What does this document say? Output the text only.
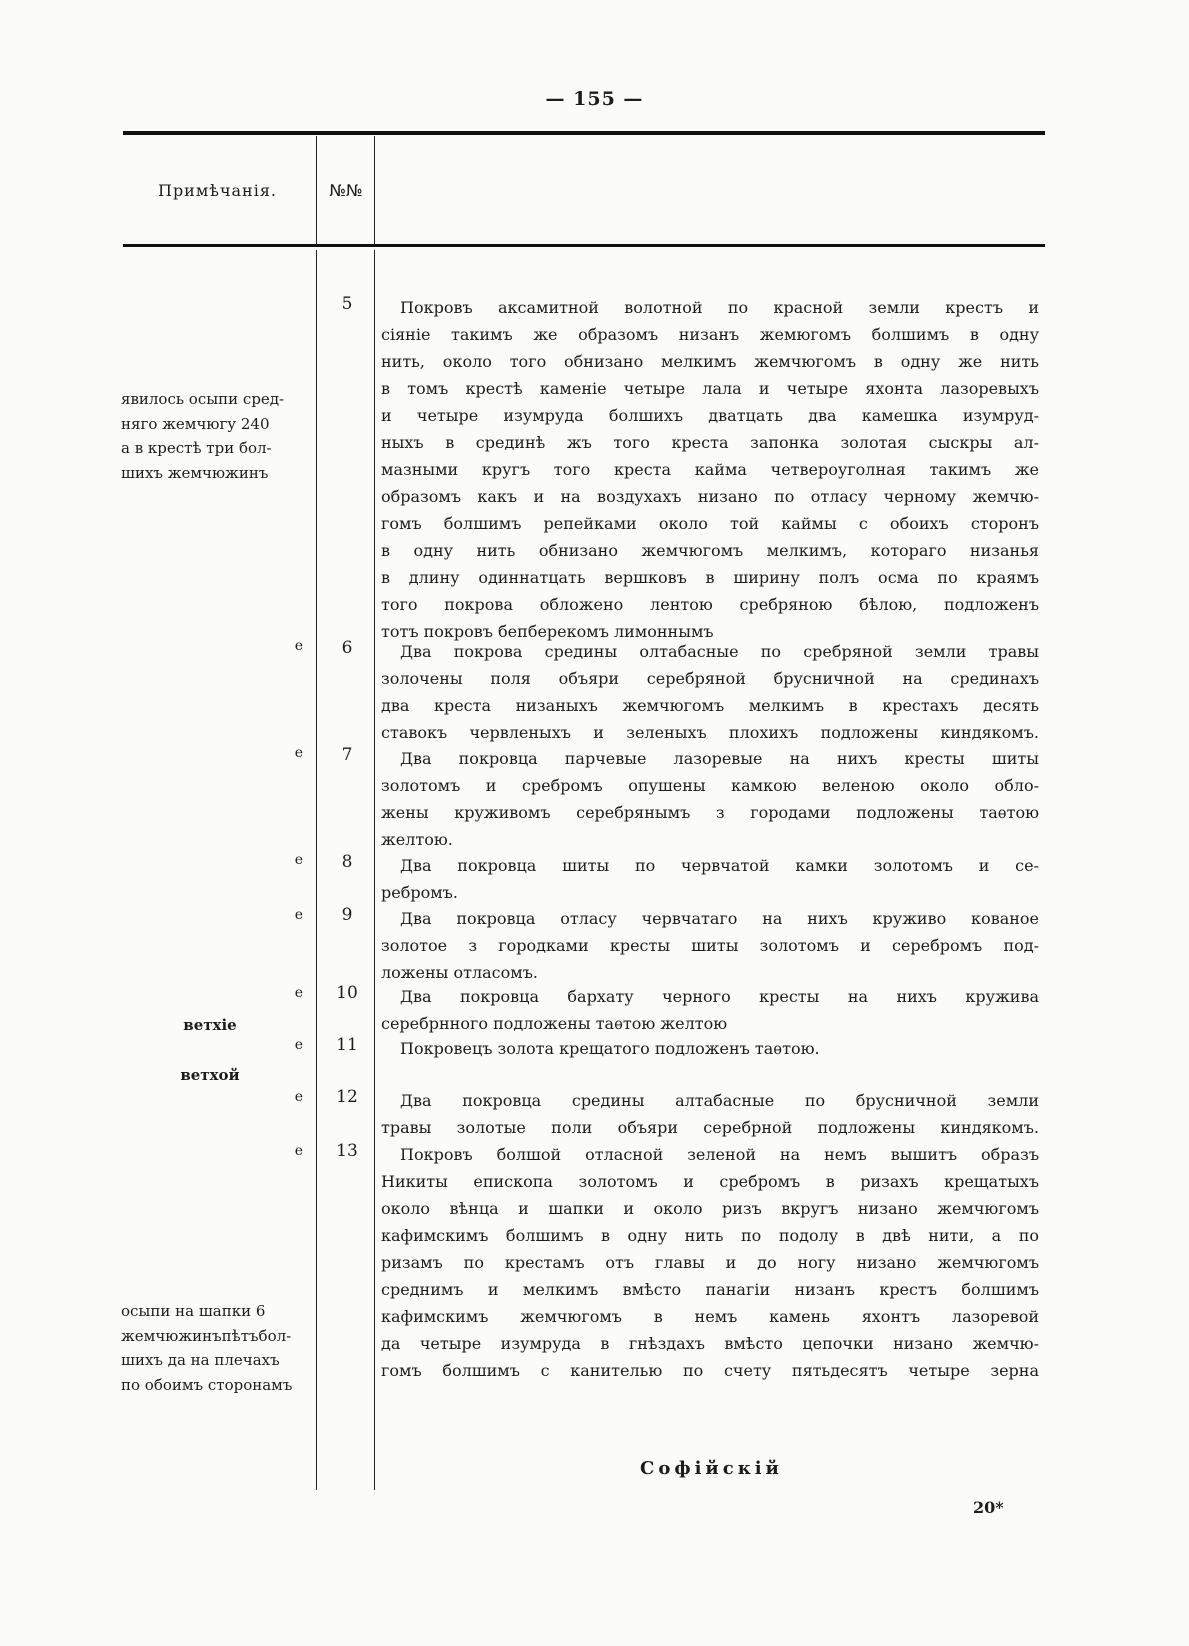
— 155 —
Примѣчанія.	№№
явилось осыпи сред-
няго жемчюгу 240
а в крестѣ три бол-
шихъ жемчюжинъ
е
е
е
е
е
е
е
е
ветхіе
ветхой
осыпи на шапки 6
жемчюжинъпѣтъбол-
шихъ да на плечахъ
по обоимъ сторонамъ
5
6
7
8
9
10
11
12
13
Покровъ аксамитной волотной по красной земли крестъ и
сіяніе такимъ же образомъ низанъ жемюгомъ болшимъ в одну
нить, около того обнизано мелкимъ жемчюгомъ в одну же нить
в томъ крестѣ каменіе четыре лала и четыре яхонта лазоревыхъ
и четыре изумруда болшихъ дватцать два камешка изумруд-
ныхъ в срединѣ жъ того креста запонка золотая сыскры ал-
мазными кругъ того креста кайма четвероуголная такимъ же
образомъ какъ и на воздухахъ низано по отласу черному жемчю-
гомъ болшимъ репейками около той каймы с обоихъ сторонъ
в одну нить обнизано жемчюгомъ мелкимъ, котораго низанья
в длину одиннатцать вершковъ в ширину полъ осма по краямъ
того покрова обложено лентою сребряною бѣлою, подложенъ
тотъ покровъ бепберекомъ лимоннымъ
Два покрова средины олтабасные по сребряной земли травы
золочены поля объяри серебряной брусничной на срединахъ
два креста низаныхъ жемчюгомъ мелкимъ в крестахъ десять
ставокъ червленыхъ и зеленыхъ плохихъ подложены киндякомъ.
Два покровца парчевые лазоревые на нихъ кресты шиты
золотомъ и сребромъ опушены камкою веленою около обло-
жены круживомъ серебрянымъ з городами подложены таѳтою
желтою.
Два покровца шиты по червчатой камки золотомъ и се-
ребромъ.
Два покровца отласу червчатаго на нихъ круживо кованое
золотое з городками кресты шиты золотомъ и серебромъ под-
ложены отласомъ.
Два покровца бархату черного кресты на нихъ кружива
серебрнного подложены таѳтою желтою
Покровецъ золота крещатого подложенъ таѳтою.
Два покровца средины алтабасные по брусничной земли
травы золотые поли объяри серебрной подложены киндякомъ.
Покровъ болшой отласной зеленой на немъ вышитъ образъ
Никиты епископа золотомъ и сребромъ в ризахъ крещатыхъ
около вѣнца и шапки и около ризъ вкругъ низано жемчюгомъ
кафимскимъ болшимъ в одну нить по подолу в двѣ нити, а по
ризамъ по крестамъ отъ главы и до ногу низано жемчюгомъ
среднимъ и мелкимъ вмѣсто панагіи низанъ крестъ болшимъ
кафимскимъ жемчюгомъ в немъ камень яхонтъ лазоревой
да четыре изумруда в гнѣздахъ вмѣсто цепочки низано жемчю-
гомъ болшимъ с канителью по счету пятьдесятъ четыре зерна
Софійскій
20*
